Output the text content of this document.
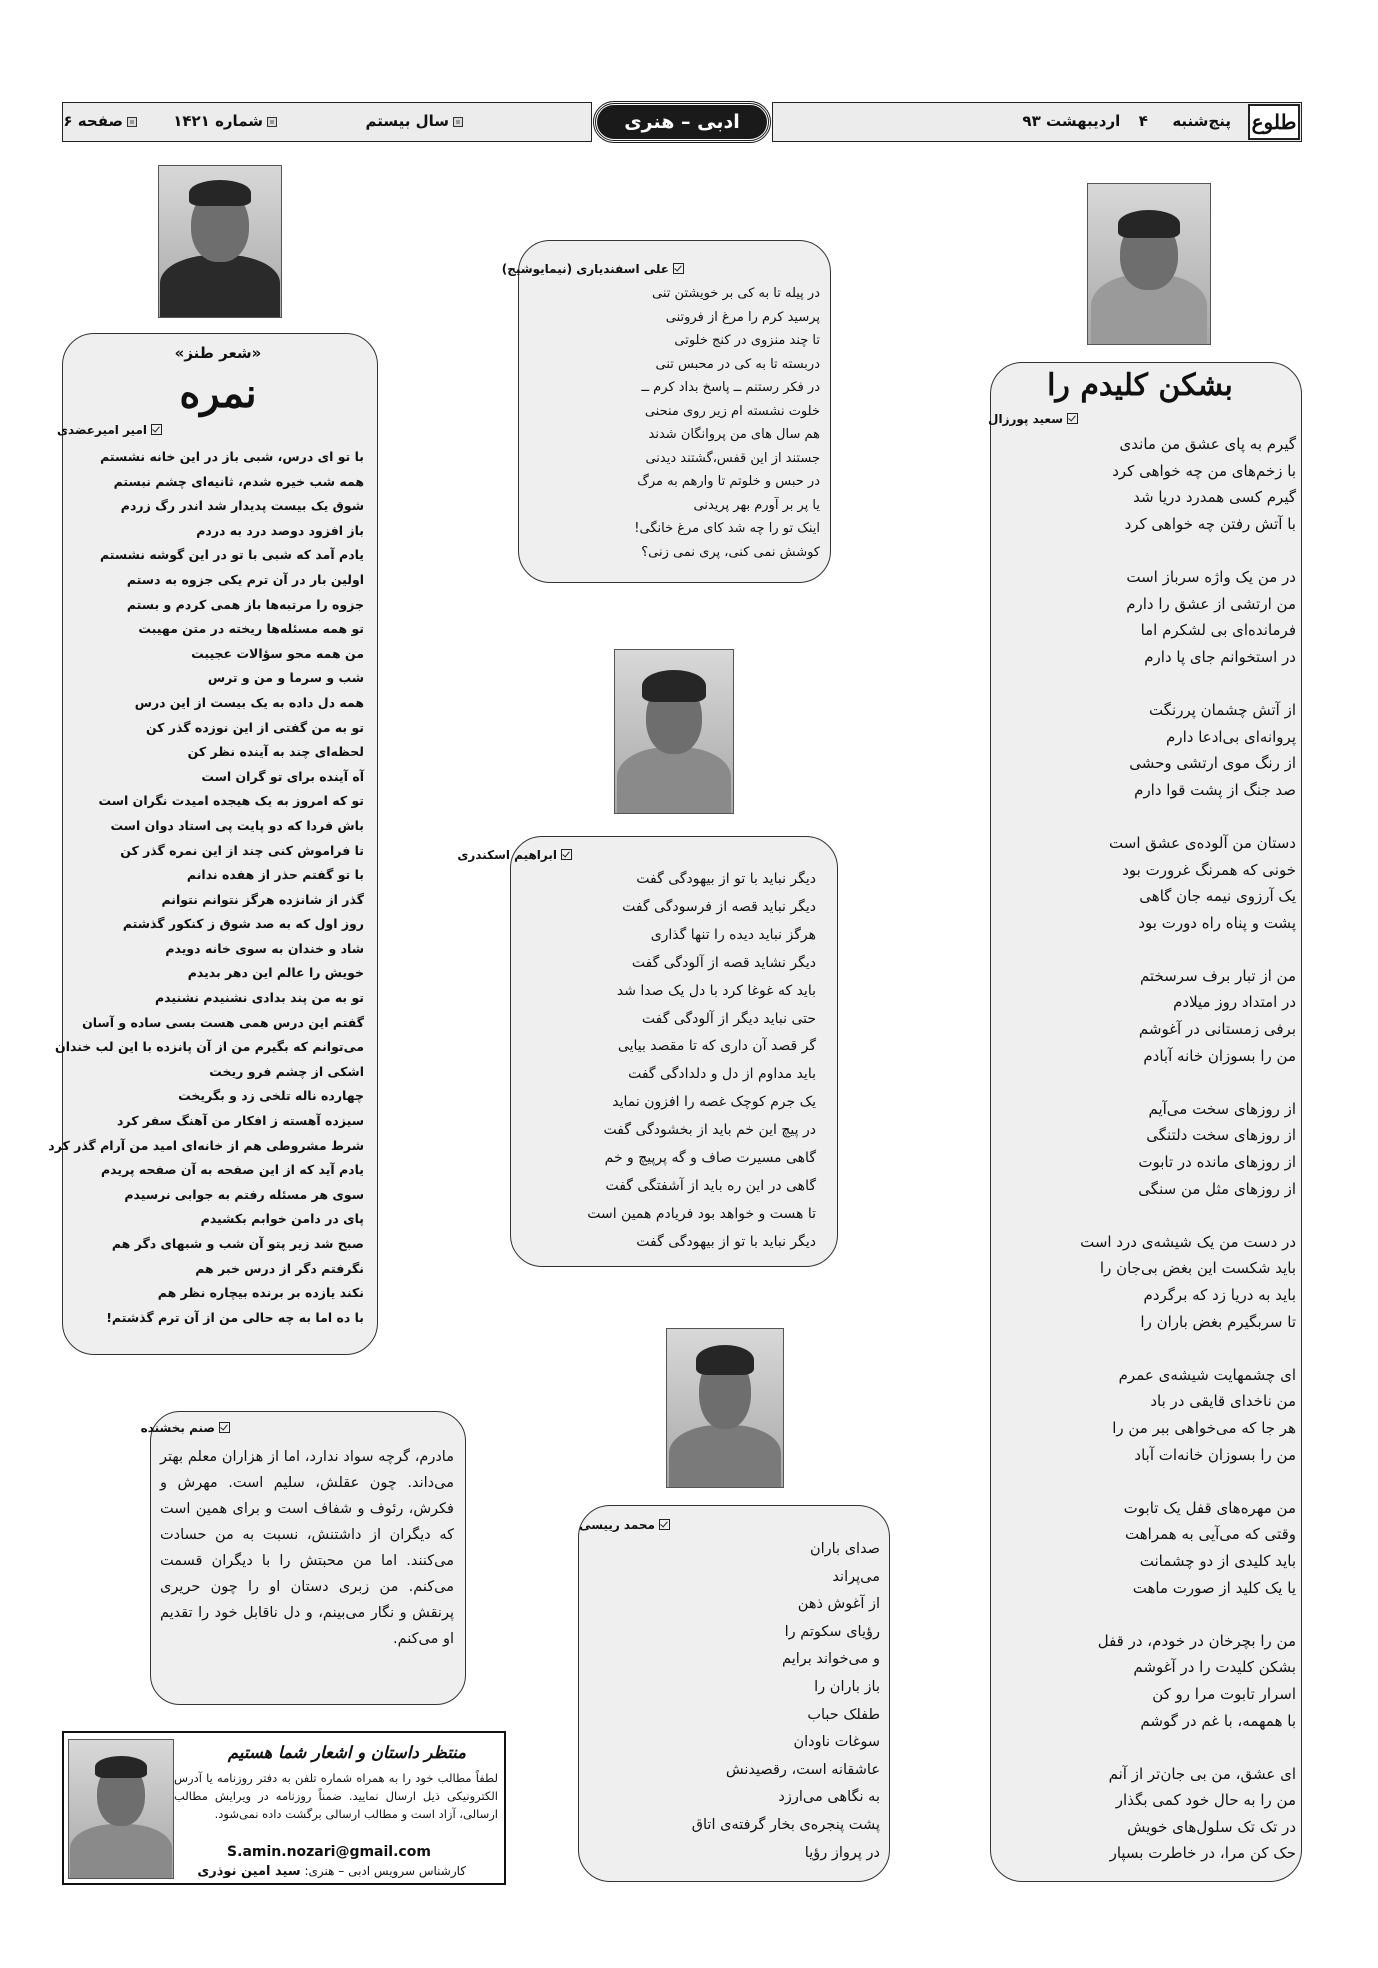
پنج‌شنبه  ۴  اردیبهشت ۹۳	طلوع
ادبی – هنری
سال بیستم
شماره ۱۴۲۱
صفحه ۶
بشکن کلیدم را
سعید پورزال
گیرم به پای عشق من ماندی
با زخم‌های من چه خواهی کرد
گیرم کسی همدرد دریا شد
با آتش رفتن چه خواهی کرد

در من یک واژه سرباز است
من ارتشی از عشق را دارم
فرمانده‌ای بی لشکرم اما
در استخوانم جای پا دارم

از آتش چشمان پررنگت
پروانه‌ای بی‌ادعا دارم
از رنگ موی ارتشی وحشی
صد جنگ از پشت قوا دارم

دستان من آلوده‌ی عشق است
خونی که همرنگ غرورت بود
یک آرزوی نیمه جان گاهی
پشت و پناه راه دورت بود

من از تبار برف سرسختم
در امتداد روز میلادم
برفی زمستانی در آغوشم
من را بسوزان خانه آبادم

از روزهای سخت می‌آیم
از روزهای سخت دلتنگی
از روزهای مانده در تابوت
از روزهای مثل من سنگی

در دست من یک شیشه‌ی درد است
باید شکست این بغض بی‌جان را
باید به دریا زد که برگردم
تا سربگیرم بغض باران را

ای چشمهایت شیشه‌ی عمرم
من ناخدای قایقی در باد
هر جا که می‌خواهی ببر من را
من را بسوزان خانه‌ات آباد

من مهره‌های قفل یک تابوت
وقتی که می‌آیی به همراهت
باید کلیدی از دو چشمانت
یا یک کلید از صورت ماهت

من را بچرخان در خودم، در قفل
بشکن کلیدت را در آغوشم
اسرار تابوت مرا رو کن
با همهمه، با غم در گوشم

ای عشق، من بی جان‌تر از آنم
من را به حال خود کمی بگذار
در تک تک سلول‌های خویش
حک کن مرا، در خاطرت بسپار
علی اسفندیاری (نیمایوشیج)
در پیله تا به کی بر خویشتن تنی
پرسید کرم را مرغ از فروتنی
تا چند منزوی در کنج خلوتی
دربسته تا به کی در محبس تنی
در فکر رستنم ــ پاسخ بداد کرم ــ
خلوت نشسته ام زیر روی منحنی
هم سال های من پروانگان شدند
جستند از این قفس،گشتند دیدنی
در حبس و خلوتم تا وارهم به مرگ
یا پر بر آورم بهر پریدنی
اینک تو را چه شد کای مرغ خانگی!
کوشش نمی کنی، پری نمی زنی؟
ابراهیم اسکندری
دیگر نباید با تو از بیهودگی گفت
دیگر نباید قصه از فرسودگی گفت
هرگز نباید دیده را تنها گذاری
دیگر نشاید قصه از آلودگی گفت
باید که غوغا کرد با دل یک صدا شد
حتی نباید دیگر از آلودگی گفت
گر قصد آن داری که تا مقصد بیایی
باید مداوم از دل و دلدادگی گفت
یک جرم کوچک غصه را افزون نماید
در پیچ این خم باید از بخشودگی گفت
گاهی مسیرت صاف و گه پرپیچ و خم
گاهی در این ره باید از آشفتگی گفت
تا هست و خواهد بود فریادم همین است
دیگر نباید با تو از بیهودگی گفت
محمد رییسی
صدای باران
می‌پراند
از آغوش ذهن
رؤیای سکوتم را
و می‌خواند برایم
باز باران را
طفلک حباب
سوغات ناودان
عاشقانه است، رقصیدنش
به نگاهی می‌ارزد
پشت پنجره‌ی بخار گرفته‌ی اتاق
در پرواز رؤیا
«شعر طنز»
نمره
امیر امیرعضدی
با تو ای درس، شبی باز در این خانه نشستم
همه شب خیره شدم، ثانیه‌ای چشم نبستم
شوق یک بیست پدیدار شد اندر رگ زردم
باز افزود دوصد درد به دردم
یادم آمد که شبی با تو در این گوشه نشستم
اولین بار در آن ترم یکی جزوه به دستم
جزوه را مرتبه‌ها باز همی کردم و بستم
تو همه مسئله‌ها ریخته در متن مهیبت
من همه محو سؤالات عجیبت
شب و سرما و من و ترس
همه دل داده به یک بیست از این درس
تو به من گفتی از این نوزده گذر کن
لحظه‌ای چند به آینده نظر کن
آه آینده برای تو گران است
تو که امروز به یک هیجده امیدت نگران است
باش فردا که دو پایت پی استاد دوان است
تا فراموش کنی چند از این نمره گذر کن
با تو گفتم حذر از هفده ندانم
گذر از شانزده هرگز نتوانم نتوانم
روز اول که به صد شوق ز کنکور گذشتم
شاد و خندان به سوی خانه دویدم
خویش را عالم این دهر بدیدم
تو به من پند بدادی نشنیدم نشنیدم
گفتم این درس همی هست بسی ساده و آسان
می‌توانم که بگیرم من از آن پانزده با این لب خندان
اشکی از چشم فرو ریخت
چهارده ناله تلخی زد و بگریخت
سیزده آهسته ز افکار من آهنگ سفر کرد
شرط مشروطی هم از خانه‌ای امید من آرام گذر کرد
یادم آید که از این صفحه به آن صفحه پریدم
سوی هر مسئله رفتم به جوابی نرسیدم
پای در دامن خوابم بکشیدم
صبح شد زیر پتو آن شب و شبهای دگر هم
نگرفتم دگر از درس خبر هم
نکند یازده بر برنده بیچاره نظر هم
با ده اما به چه حالی من از آن ترم گذشتم!
صنم بخشنده
مادرم، گرچه سواد ندارد، اما از هزاران معلم بهتر می‌داند. چون عقلش، سلیم است. مهرش و فکرش، رئوف و شفاف است و برای همین است که دیگران از داشتنش، نسبت به من حسادت می‌کنند. اما من محبتش را با دیگران قسمت می‌کنم. من زبری دستان او را چون حریری پرنقش و نگار می‌بینم، و دل ناقابل خود را تقدیم او می‌کنم.
منتظر داستان و اشعار شما هستیم
لطفاً مطالب خود را به همراه شماره تلفن به دفتر روزنامه یا آدرس الکترونیکی ذیل ارسال نمایید. ضمناً روزنامه در ویرایش مطالب ارسالی، آزاد است و مطالب ارسالی برگشت داده نمی‌شود.
S.amin.nozari@gmail.com
کارشناس سرویس ادبی – هنری: سید امین نوذری
